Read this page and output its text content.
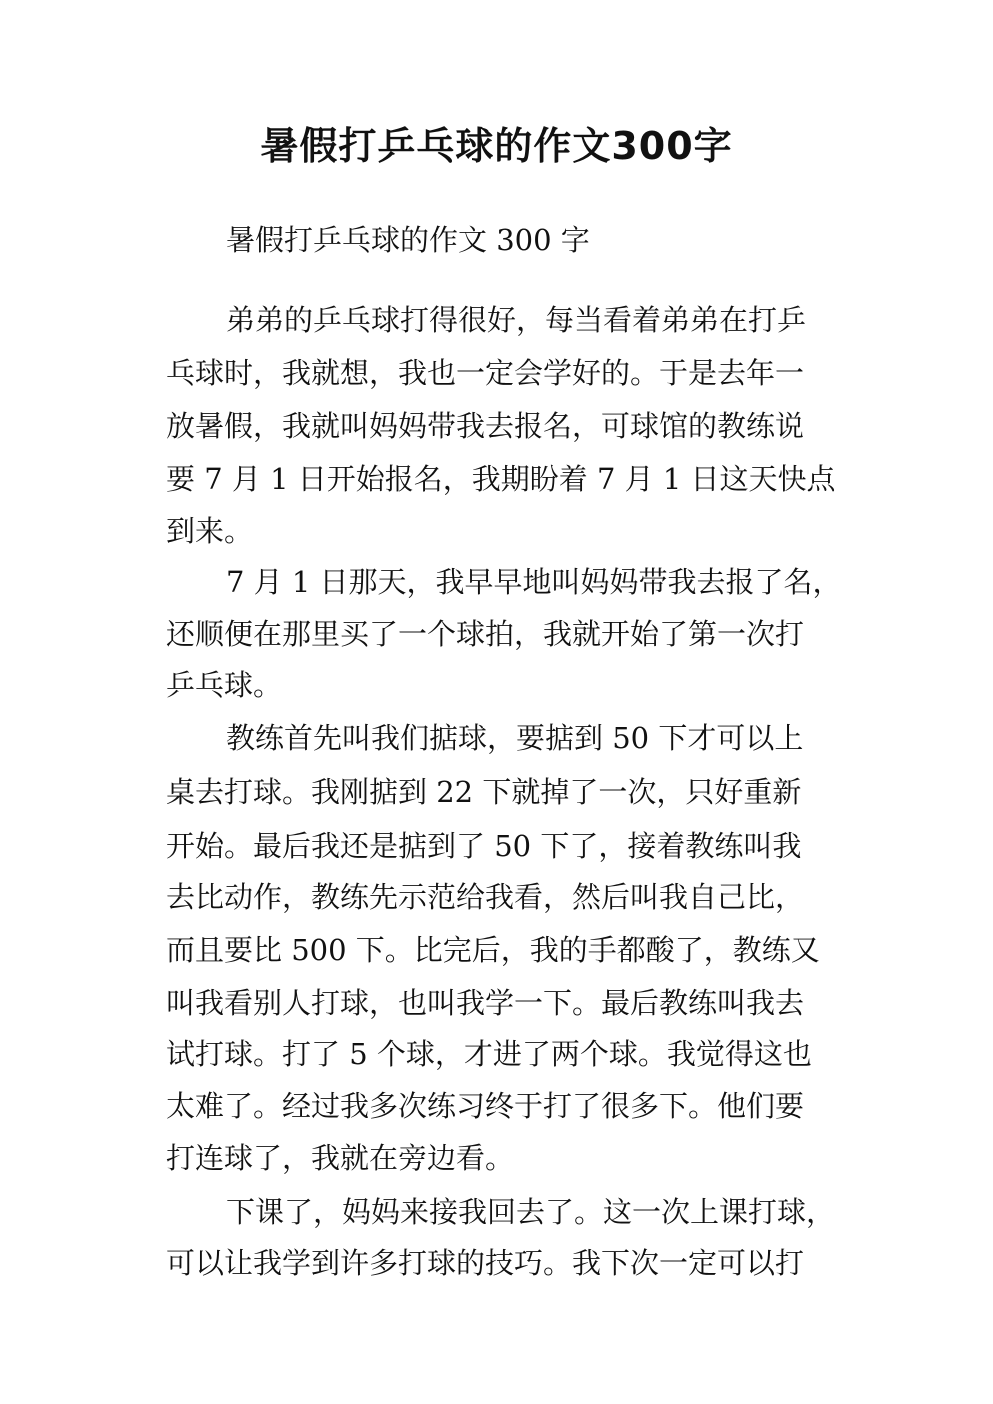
暑假打乒乓球的作文300字

暑假打乒乓球的作文 300 字

弟弟的乒乓球打得很好，每当看着弟弟在打乒

乓球时，我就想，我也一定会学好的。于是去年一

放暑假，我就叫妈妈带我去报名，可球馆的教练说

要 7 月 1 日开始报名，我期盼着 7 月 1 日这天快点

到来。

7 月 1 日那天，我早早地叫妈妈带我去报了名，

还顺便在那里买了一个球拍，我就开始了第一次打

乒乓球。

教练首先叫我们掂球，要掂到 50 下才可以上

桌去打球。我刚掂到 22 下就掉了一次，只好重新

开始。最后我还是掂到了 50 下了，接着教练叫我

去比动作，教练先示范给我看，然后叫我自己比，

而且要比 500 下。比完后，我的手都酸了，教练又

叫我看别人打球，也叫我学一下。最后教练叫我去

试打球。打了 5 个球，才进了两个球。我觉得这也

太难了。经过我多次练习终于打了很多下。他们要

打连球了，我就在旁边看。

下课了，妈妈来接我回去了。这一次上课打球，

可以让我学到许多打球的技巧。我下次一定可以打
